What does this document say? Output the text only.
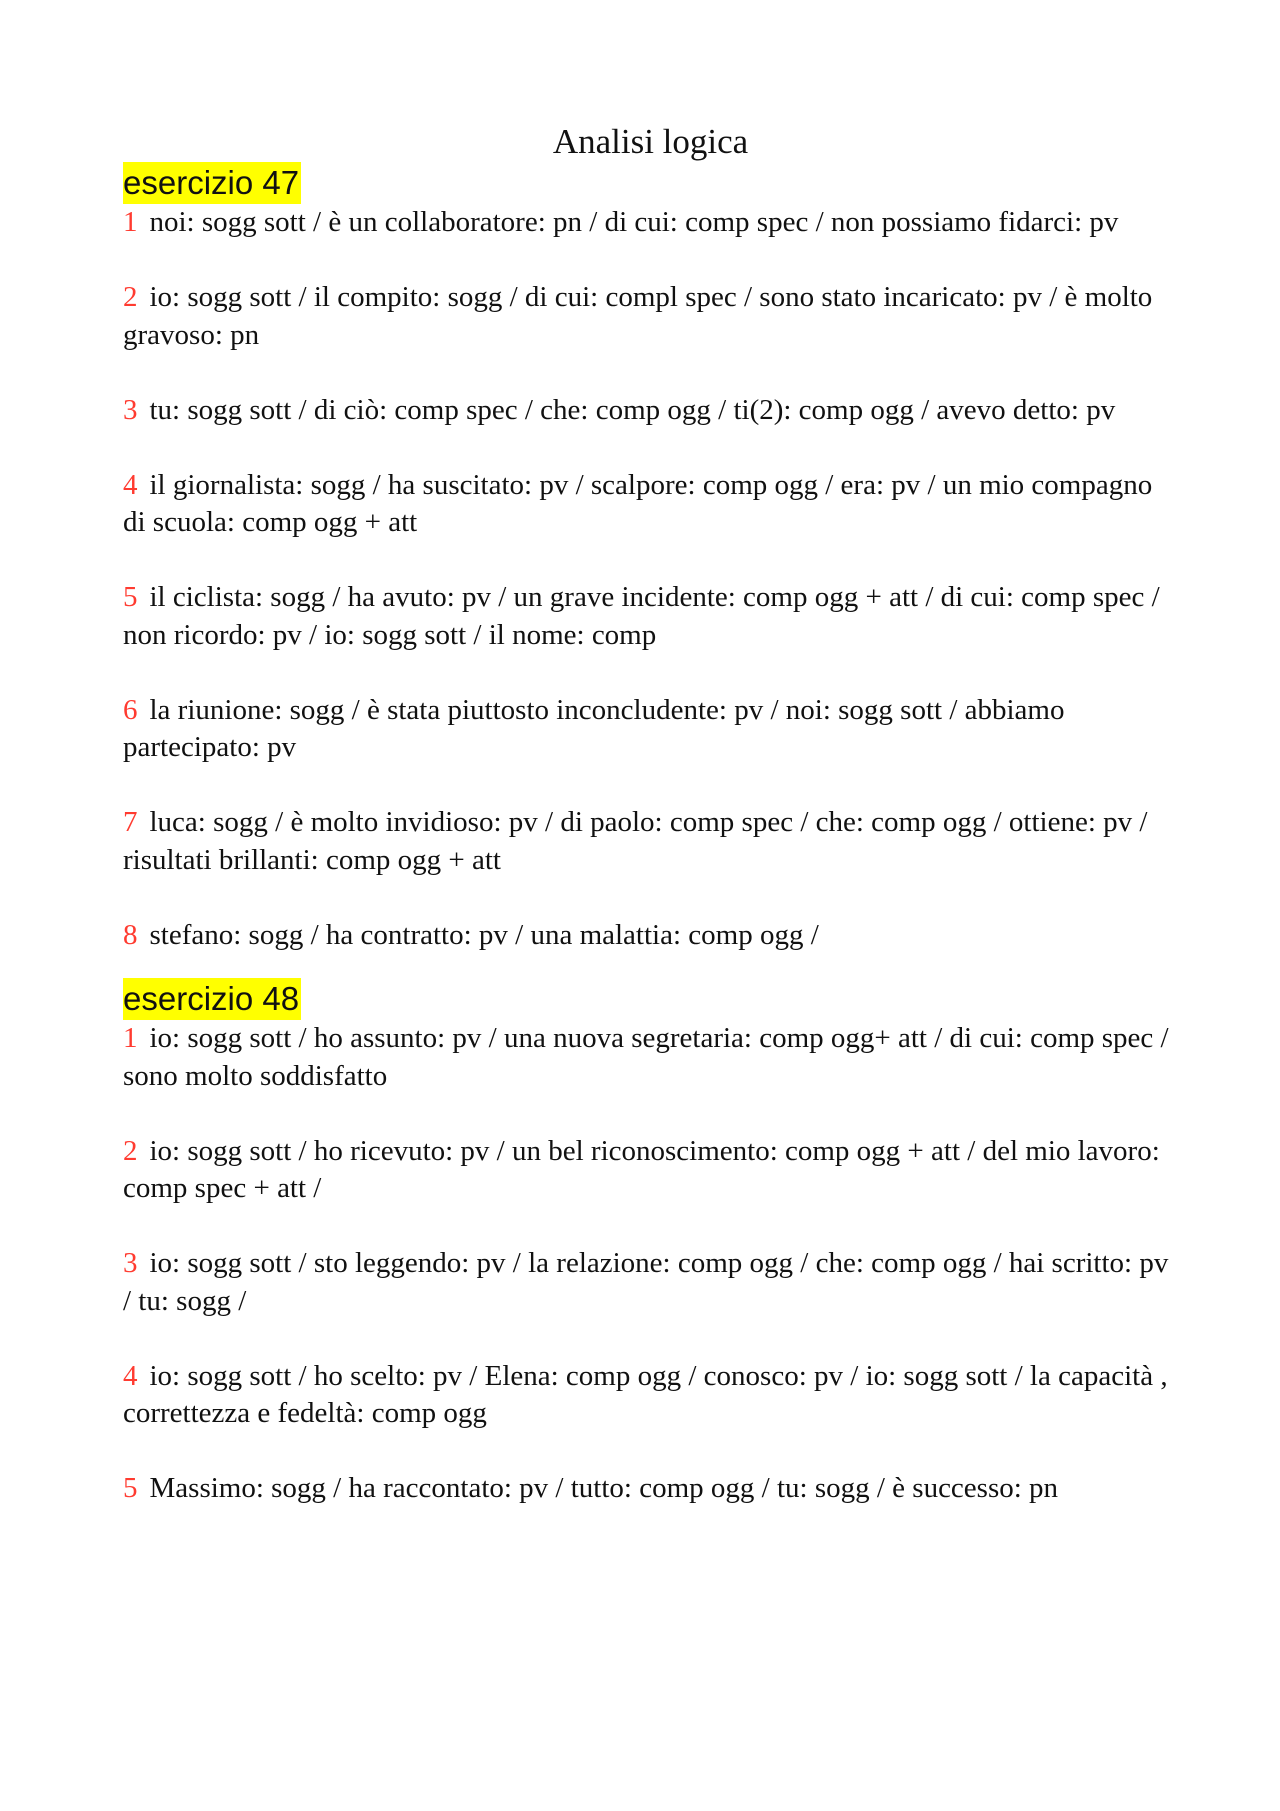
Analisi logica
esercizio 47

1 noi: sogg sott / è un collaboratore: pn / di cui: comp spec / non possiamo fidarci: pv

2 io: sogg sott / il compito: sogg / di cui: compl spec / sono stato incaricato: pv / è molto gravoso: pn

3 tu: sogg sott / di ciò: comp spec / che: comp ogg / ti(2): comp ogg / avevo detto: pv

4 il giornalista: sogg / ha suscitato: pv / scalpore: comp ogg / era: pv / un mio compagno di scuola: comp ogg + att

5 il ciclista: sogg / ha avuto: pv / un grave incidente: comp ogg + att / di cui: comp spec / non ricordo: pv / io: sogg sott / il nome: comp

6 la riunione: sogg / è stata piuttosto inconcludente: pv / noi: sogg sott / abbiamo partecipato: pv

7 luca: sogg / è molto invidioso: pv / di paolo: comp spec / che: comp ogg / ottiene: pv / risultati brillanti: comp ogg + att

8 stefano: sogg / ha contratto: pv / una malattia: comp ogg /

esercizio 48

1 io: sogg sott / ho assunto: pv / una nuova segretaria: comp ogg+ att / di cui: comp spec / sono molto soddisfatto

2 io: sogg sott / ho ricevuto: pv / un bel riconoscimento: comp ogg + att / del mio lavoro: comp spec + att /

3 io: sogg sott / sto leggendo: pv / la relazione: comp ogg / che: comp ogg / hai scritto: pv / tu: sogg /

4 io: sogg sott / ho scelto: pv / Elena: comp ogg / conosco: pv / io: sogg sott / la capacità , correttezza e fedeltà: comp ogg

5 Massimo: sogg / ha raccontato: pv / tutto: comp ogg / tu: sogg / è successo: pn
